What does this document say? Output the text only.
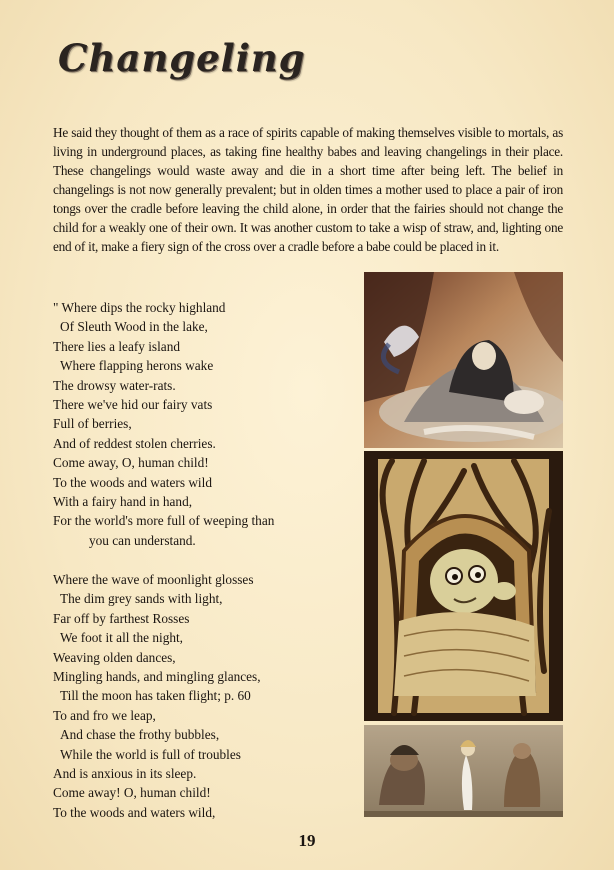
Changeling

He said they thought of them as a race of spirits capable of making themselves visible to mortals, as living in underground places, as taking fine healthy babes and leaving changelings in their place. These changelings would waste away and die in a short time after being left. The belief in changelings is not now generally prevalent; but in olden times a mother used to place a pair of iron tongs over the cradle before leaving the child alone, in order that the fairies should not change the child for a weakly one of their own. It was another custom to take a wisp of straw, and, lighting one end of it, make a fiery sign of the cross over a cradle before a babe could be placed in it.

" Where dips the rocky highland
Of Sleuth Wood in the lake,
There lies a leafy island
Where flapping herons wake
The drowsy water-rats.
There we've hid our fairy vats
Full of berries,
And of reddest stolen cherries.
Come away, O, human child!
To the woods and waters wild
With a fairy hand in hand,
For the world's more full of weeping than
you can understand.
Where the wave of moonlight glosses
The dim grey sands with light,
Far off by farthest Rosses
We foot it all the night,
Weaving olden dances,
Mingling hands, and mingling glances,
Till the moon has taken flight; p. 60
To and fro we leap,
And chase the frothy bubbles,
While the world is full of troubles
And is anxious in its sleep.
Come away! O, human child!
To the woods and waters wild,
19
